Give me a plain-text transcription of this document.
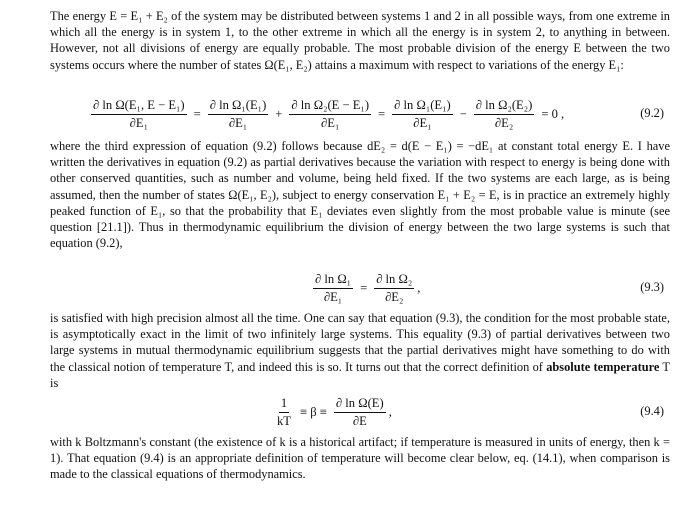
The energy E = E₁ + E₂ of the system may be distributed between systems 1 and 2 in all possible ways, from one extreme in which all the energy is in system 1, to the other extreme in which all the energy is in system 2, to anything in between. However, not all divisions of energy are equally probable. The most probable division of the energy E between the two systems occurs where the number of states Ω(E₁, E₂) attains a maximum with respect to variations of the energy E₁:

$\frac{\text{∂ ln Ω(E₁, E − E₁)}}{\text{∂E₁}} = \frac{\text{∂ ln Ω₁(E₁)}}{\text{∂E₁}} + \frac{\text{∂ ln Ω₂(E − E₁)}}{\text{∂E₁}} = \frac{\text{∂ ln Ω₁(E₁)}}{\text{∂E₁}} - \frac{\text{∂ ln Ω₂(E₂)}}{\text{∂E₂}} = 0$ ,	(9.2)

where the third expression of equation (9.2) follows because dE₂ = d(E − E₁) = −dE₁ at constant total energy E. I have written the derivatives in equation (9.2) as partial derivatives because the variation with respect to energy is being done with other conserved quantities, such as number and volume, being held fixed. If the two systems are each large, as is being assumed, then the number of states Ω(E₁, E₂), subject to energy conservation E₁ + E₂ = E, is in practice an extremely highly peaked function of E₁, so that the probability that E₁ deviates even slightly from the most probable value is minute (see question [21.1]). Thus in thermodynamic equilibrium the division of energy between the two large systems is such that equation (9.2),

$\frac{\text{∂ ln Ω₁}}{\text{∂E₁}} = \frac{\text{∂ ln Ω₂}}{\text{∂E₂}}$ ,	(9.3)

is satisfied with high precision almost all the time. One can say that equation (9.3), the condition for the most probable state, is asymptotically exact in the limit of two infinitely large systems. This equality (9.3) of partial derivatives between two large systems in mutual thermodynamic equilibrium suggests that the partial derivatives might have something to do with the classical notion of temperature T, and indeed this is so. It turns out that the correct definition of absolute temperature T is

$\frac{1}{kT} \equiv \beta \equiv \frac{\text{∂ ln Ω(E)}}{\partial E}$ ,	(9.4)

with k Boltzmann's constant (the existence of k is a historical artifact; if temperature is measured in units of energy, then k = 1). That equation (9.4) is an appropriate definition of temperature will become clear below, eq. (14.1), when comparison is made to the classical equations of thermodynamics.
